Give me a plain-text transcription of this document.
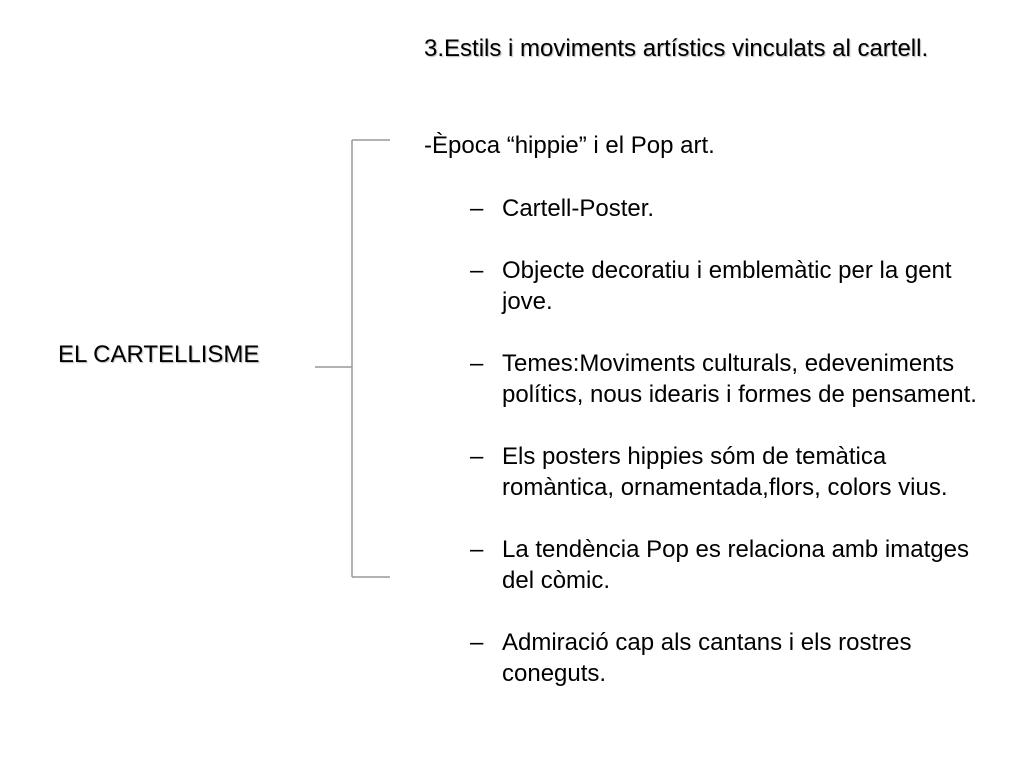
EL CARTELLISME
3.Estils i moviments artístics vinculats al cartell.
-Època “hippie” i el Pop art.
– Cartell-Poster.
– Objecte decoratiu i emblemàtic per la gent jove.
– Temes:Moviments culturals, edeveniments polítics, nous idearis i formes de pensament.
– Els posters hippies sóm de temàtica romàntica, ornamentada,flors, colors vius.
– La tendència Pop es relaciona amb imatges del còmic.
– Admiració cap als cantans i els rostres coneguts.
